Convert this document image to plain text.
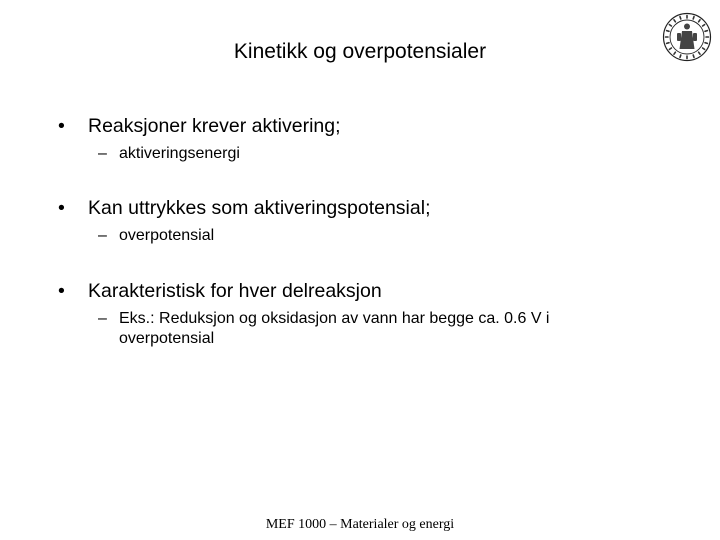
Kinetikk og overpotensialer
• Reaksjoner krever aktivering;
– aktiveringsenergi
• Kan uttrykkes som aktiveringspotensial;
– overpotensial
• Karakteristisk for hver delreaksjon
– Eks.: Reduksjon og oksidasjon av vann har begge ca. 0.6 V i overpotensial
MEF 1000 – Materialer og energi
